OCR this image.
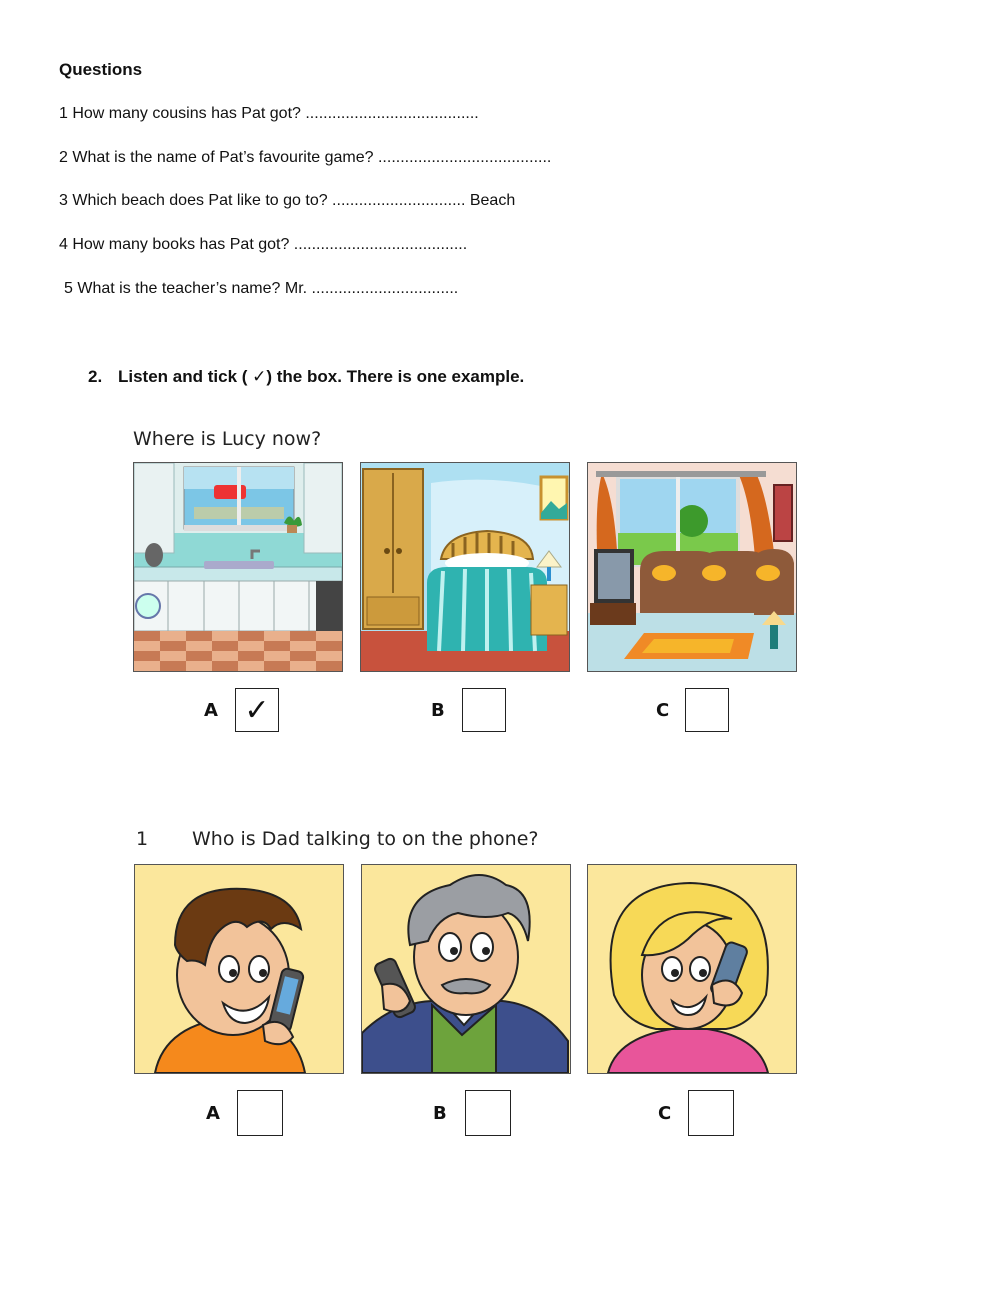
Questions
1 How many cousins has Pat got? .......................................
2 What is the name of Pat’s favourite game? .......................................
3 Which beach does Pat like to go to? .............................. Beach
4 How many books has Pat got? .......................................
5 What is the teacher’s name? Mr. .................................
2. Listen and tick ( ✓) the box. There is one example.
Where is Lucy now?
A ✓	B	C
1 Who is Dad talking to on the phone?
A	B	C
